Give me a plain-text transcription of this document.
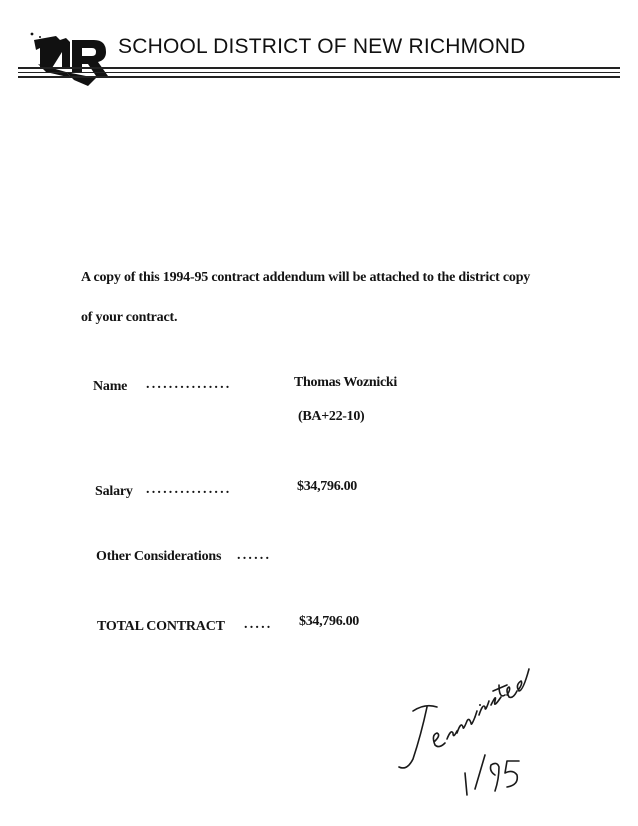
SCHOOL DISTRICT OF NEW RICHMOND
A copy of this 1994-95 contract addendum will be attached to the district copy
of your contract.
Name ...............	Thomas Woznicki
(BA+22-10)
Salary ...............	$34,796.00
Other Considerations ......
TOTAL CONTRACT ..... $34,796.00
